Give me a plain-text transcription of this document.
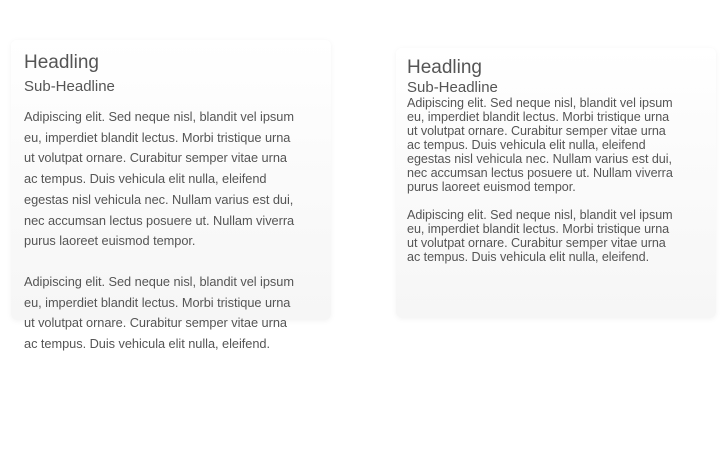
Headling
Sub-Headline

Adipiscing elit. Sed neque nisl, blandit vel ipsum
eu, imperdiet blandit lectus. Morbi tristique urna
ut volutpat ornare. Curabitur semper vitae urna
ac tempus. Duis vehicula elit nulla, eleifend
egestas nisl vehicula nec. Nullam varius est dui,
nec accumsan lectus posuere ut. Nullam viverra
purus laoreet euismod tempor.

Adipiscing elit. Sed neque nisl, blandit vel ipsum
eu, imperdiet blandit lectus. Morbi tristique urna
ut volutpat ornare. Curabitur semper vitae urna
ac tempus. Duis vehicula elit nulla, eleifend.

Headling
Sub-Headline

Adipiscing elit. Sed neque nisl, blandit vel ipsum
eu, imperdiet blandit lectus. Morbi tristique urna
ut volutpat ornare. Curabitur semper vitae urna
ac tempus. Duis vehicula elit nulla, eleifend
egestas nisl vehicula nec. Nullam varius est dui,
nec accumsan lectus posuere ut. Nullam viverra
purus laoreet euismod tempor.

Adipiscing elit. Sed neque nisl, blandit vel ipsum
eu, imperdiet blandit lectus. Morbi tristique urna
ut volutpat ornare. Curabitur semper vitae urna
ac tempus. Duis vehicula elit nulla, eleifend.
